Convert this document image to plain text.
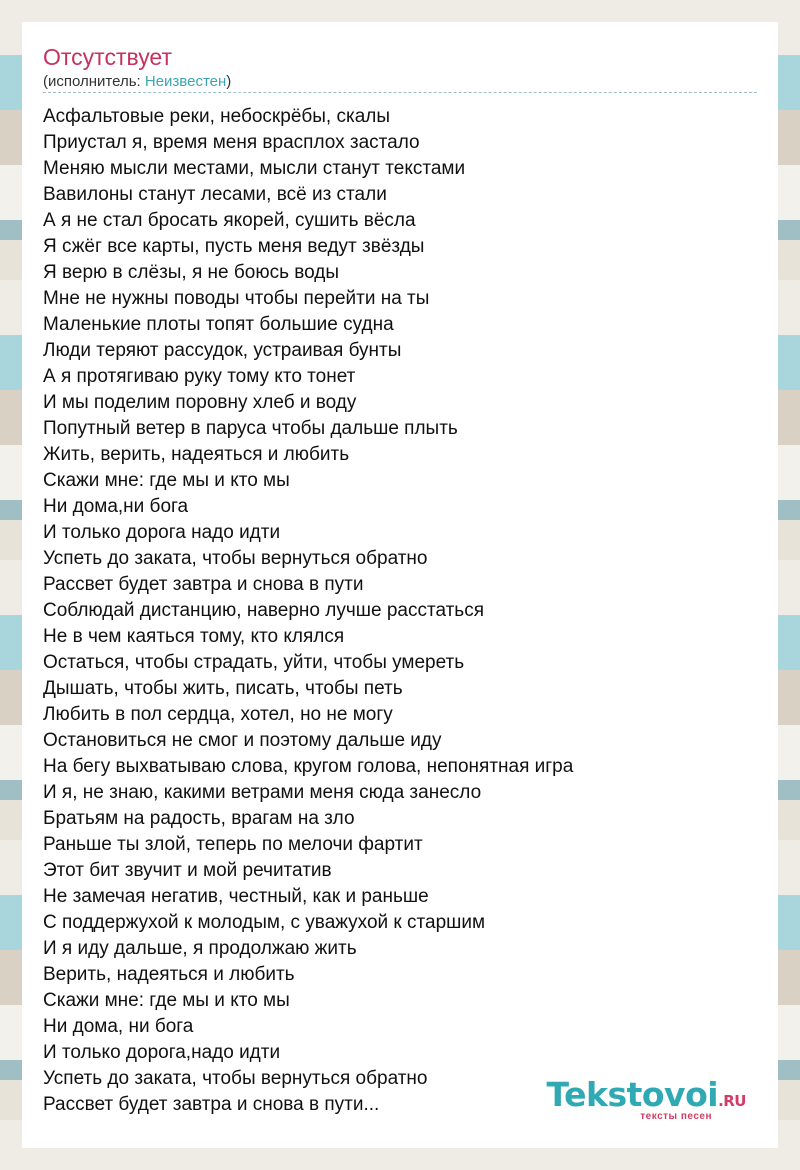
Отсутствует
(исполнитель: Неизвестен)
Асфальтовые реки, небоскрёбы, скалы
Приустал я, время меня врасплох застало
Меняю мысли местами, мысли станут текстами
Вавилоны станут лесами, всё из стали
А я не стал бросать якорей, сушить вёсла
Я сжёг все карты, пусть меня ведут звёзды
Я верю в слёзы, я не боюсь воды
Мне не нужны поводы чтобы перейти на ты
Маленькие плоты топят большие судна
Люди теряют рассудок, устраивая бунты
А я протягиваю руку тому кто тонет
И мы поделим поровну хлеб и воду
Попутный ветер в паруса чтобы дальше плыть
Жить, верить, надеяться и любить
Скажи мне: где мы и кто мы
Ни дома,ни бога
И только дорога надо идти
Успеть до заката, чтобы вернуться обратно
Рассвет будет завтра и снова в пути
Соблюдай дистанцию, наверно лучше расстаться
Не в чем каяться тому, кто клялся
Остаться, чтобы страдать, уйти, чтобы умереть
Дышать, чтобы жить, писать, чтобы петь
Любить в пол сердца, хотел, но не могу
Остановиться не смог и поэтому дальше иду
На бегу выхватываю слова, кругом голова, непонятная игра
И я, не знаю, какими ветрами меня сюда занесло
Братьям на радость, врагам на зло
Раньше ты злой, теперь по мелочи фартит
Этот бит звучит и мой речитатив
Не замечая негатив, честный, как и раньше
С поддержухой к молодым, с уважухой к старшим
И я иду дальше, я продолжаю жить
Верить, надеяться и любить
Скажи мне: где мы и кто мы
Ни дома, ни бога
И только дорога,надо идти
Успеть до заката, чтобы вернуться обратно
Рассвет будет завтра и снова в пути...	Tekstovoi.RU
тексты песен
